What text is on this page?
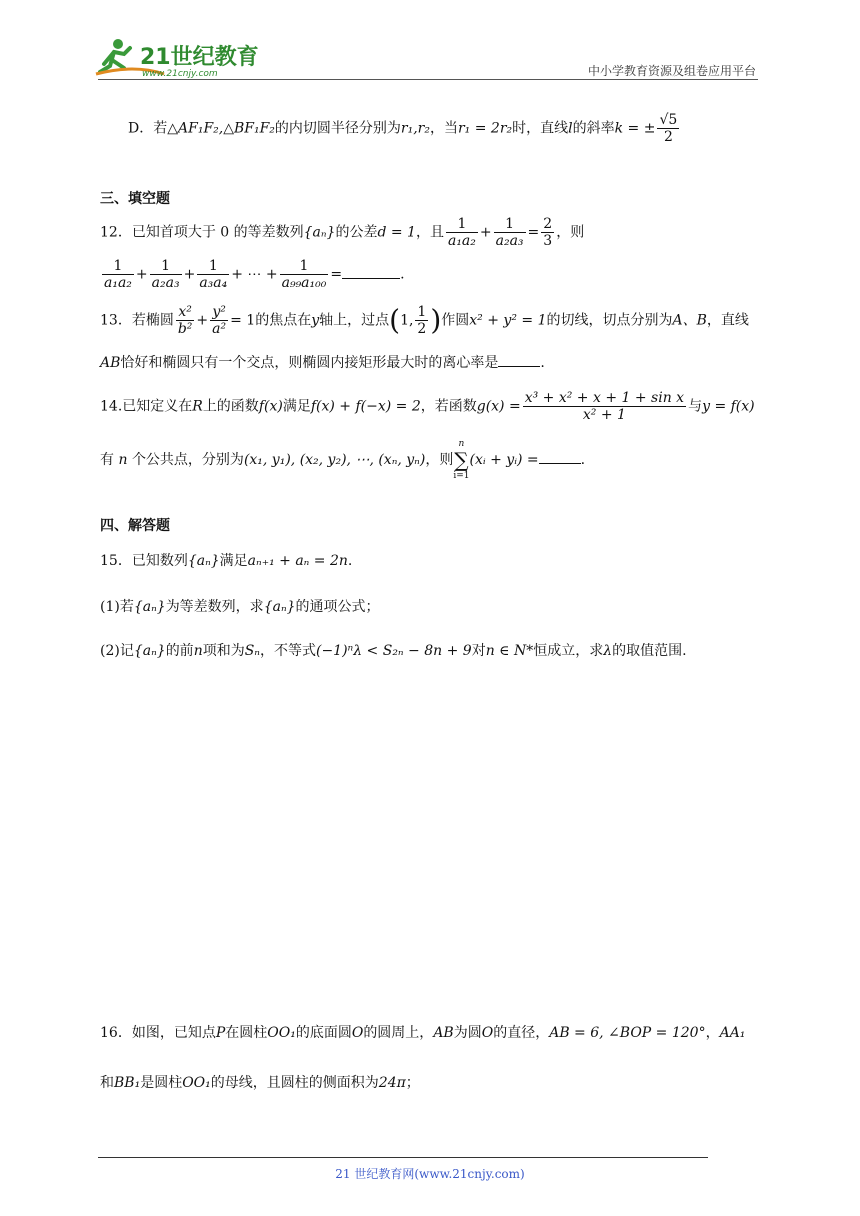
21世纪教育
www.21cnjy.com	中小学教育资源及组卷应用平台
D．若△AF₁F₂,△BF₁F₂的内切圆半径分别为r₁,r₂，当r₁ = 2r₂时，直线l的斜率k = ± $\frac{√5}{2}$
三、填空题
12．已知首项大于 0 的等差数列{aₙ}的公差d = 1，且 $\frac{1}{\text{a₁a₂}} + \frac{1}{\text{a₂a₃}} = \frac{2}{3}$ ，则
$\frac{1}{\text{a₁a₂}} + \frac{1}{\text{a₂a₃}} + \frac{1}{\text{a₃a₄}}$ + ⋯ + $\frac{1}{\text{a₉₉a₁₀₀}}$ =	.
13．若椭圆 $\frac{\text{x²}}{\text{b²}} + \frac{\text{y²}}{\text{a²}} = 1$的焦点在y轴上，过点(1, $\frac{1}{2}$ )作圆x² + y² = 1的切线，切点分别为A、B，直线
AB恰好和椭圆只有一个交点，则椭圆内接矩形最大时的离心率是	.
14.已知定义在R上的函数f(x)满足f(x) + f(−x) = 2，若函数$g(x) = \frac{\text{x³ + x² + x + 1 + sin x}}{\text{x² + 1}}$ 与y = f(x)
有 n 个公共点，分别为(x₁, y₁), (x₂, y₂), ⋯, (xₙ, yₙ)，则
n
∑
i=1
(xᵢ + yᵢ) =	.
四、解答题
15．已知数列{aₙ}满足aₙ₊₁ + aₙ = 2n.
(1)若{aₙ}为等差数列，求{aₙ}的通项公式；
(2)记{aₙ}的前n项和为Sₙ，不等式(−1)ⁿλ < S₂ₙ − 8n + 9对n ∈ N*恒成立，求λ的取值范围.
16．如图，已知点P在圆柱OO₁的底面圆O的圆周上，AB为圆O的直径，AB = 6, ∠BOP = 120°，AA₁
和BB₁是圆柱OO₁的母线，且圆柱的侧面积为24π；
21 世纪教育网(www.21cnjy.com)
